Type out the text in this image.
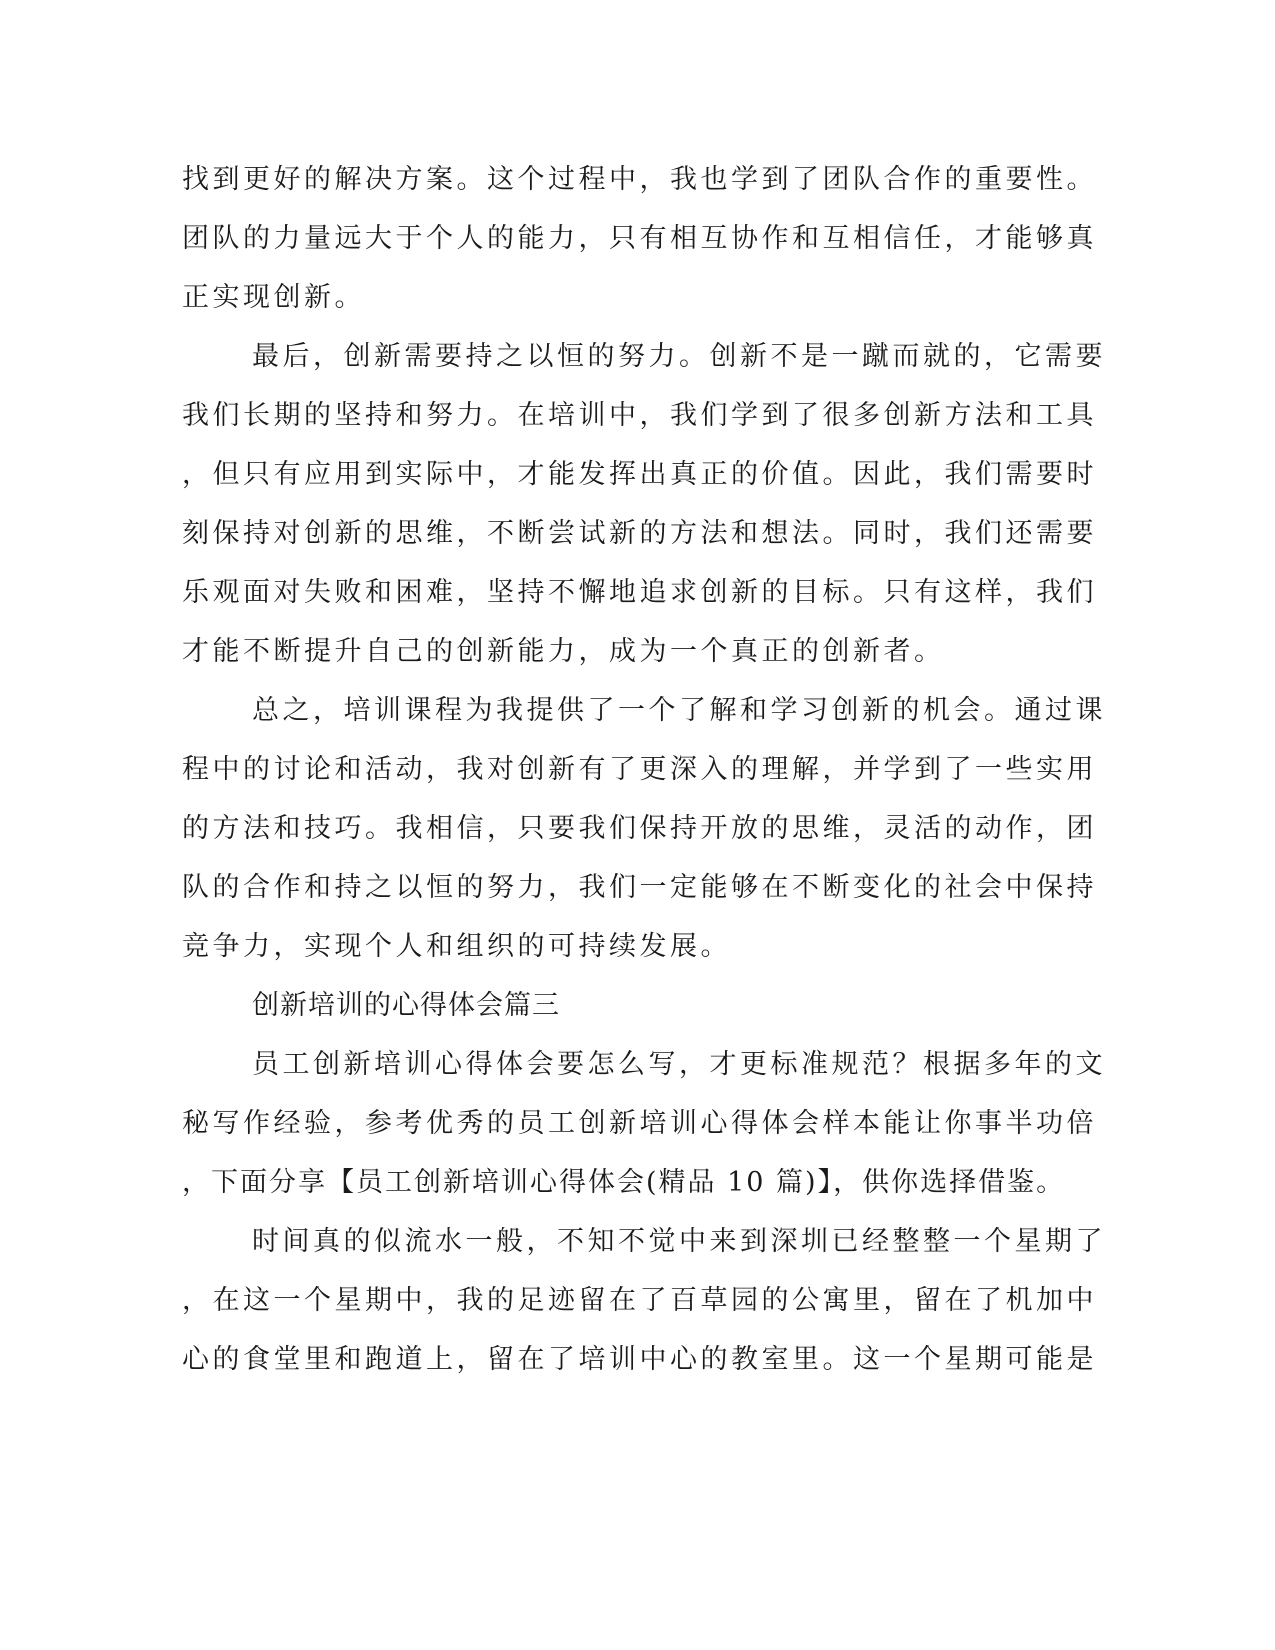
找到更好的解决方案。这个过程中，我也学到了团队合作的重要性。
团队的力量远大于个人的能力，只有相互协作和互相信任，才能够真
正实现创新。
最后，创新需要持之以恒的努力。创新不是一蹴而就的，它需要
我们长期的坚持和努力。在培训中，我们学到了很多创新方法和工具
，但只有应用到实际中，才能发挥出真正的价值。因此，我们需要时
刻保持对创新的思维，不断尝试新的方法和想法。同时，我们还需要
乐观面对失败和困难，坚持不懈地追求创新的目标。只有这样，我们
才能不断提升自己的创新能力，成为一个真正的创新者。
总之，培训课程为我提供了一个了解和学习创新的机会。通过课
程中的讨论和活动，我对创新有了更深入的理解，并学到了一些实用
的方法和技巧。我相信，只要我们保持开放的思维，灵活的动作，团
队的合作和持之以恒的努力，我们一定能够在不断变化的社会中保持
竞争力，实现个人和组织的可持续发展。
创新培训的心得体会篇三
员工创新培训心得体会要怎么写，才更标准规范？根据多年的文
秘写作经验，参考优秀的员工创新培训心得体会样本能让你事半功倍
，下面分享【员工创新培训心得体会(精品 10 篇)】，供你选择借鉴。
时间真的似流水一般，不知不觉中来到深圳已经整整一个星期了
，在这一个星期中，我的足迹留在了百草园的公寓里，留在了机加中
心的食堂里和跑道上，留在了培训中心的教室里。这一个星期可能是
